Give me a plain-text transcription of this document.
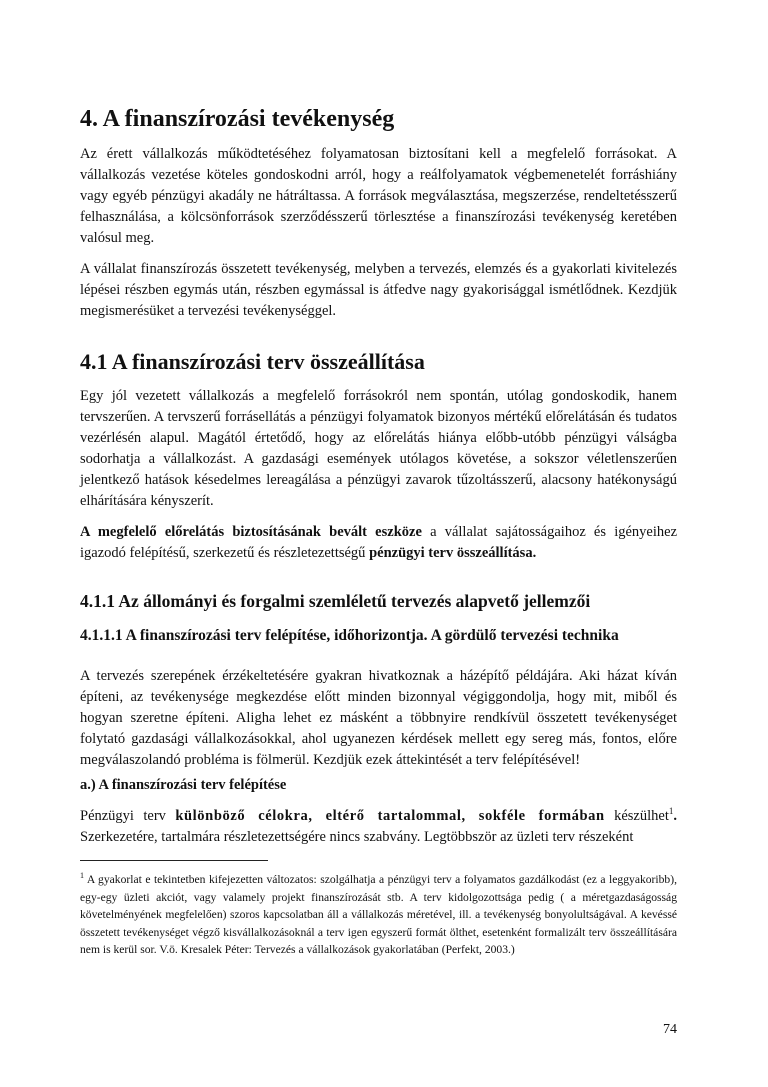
4. A finanszírozási tevékenység

Az érett vállalkozás működtetéséhez folyamatosan biztosítani kell a megfelelő forrásokat. A vállalkozás vezetése köteles gondoskodni arról, hogy a reálfolyamatok végbemenetelét forráshiány vagy egyéb pénzügyi akadály ne hátráltassa. A források megválasztása, megszerzése, rendeltetésszerű felhasználása, a kölcsönforrások szerződésszerű törlesztése a finanszírozási tevékenység keretében valósul meg.

A vállalat finanszírozás összetett tevékenység, melyben a tervezés, elemzés és a gyakorlati kivitelezés lépései részben egymás után, részben egymással is átfedve nagy gyakorisággal ismétlődnek. Kezdjük megismerésüket a tervezési tevékenységgel.

4.1 A finanszírozási terv összeállítása

Egy jól vezetett vállalkozás a megfelelő forrásokról nem spontán, utólag gondoskodik, hanem tervszerűen. A tervszerű forrásellátás a pénzügyi folyamatok bizonyos mértékű előrelátásán és tudatos vezérlésén alapul. Magától értetődő, hogy az előrelátás hiánya előbb-utóbb pénzügyi válságba sodorhatja a vállalkozást. A gazdasági események utólagos követése, a sokszor véletlenszerűen jelentkező hatások késedelmes lereagálása a pénzügyi zavarok tűzoltásszerű, alacsony hatékonyságú elhárítására kényszerít.

A megfelelő előrelátás biztosításának bevált eszköze a vállalat sajátosságaihoz és igényeihez igazodó felépítésű, szerkezetű és részletezettségű pénzügyi terv összeállítása.

4.1.1 Az állományi és forgalmi szemléletű tervezés alapvető jellemzői
4.1.1.1 A finanszírozási terv felépítése, időhorizontja. A gördülő tervezési technika

A tervezés szerepének érzékeltetésére gyakran hivatkoznak a házépítő példájára. Aki házat kíván építeni, az tevékenysége megkezdése előtt minden bizonnyal végiggondolja, hogy mit, miből és hogyan szeretne építeni. Aligha lehet ez másként a többnyire rendkívül összetett tevékenységet folytató gazdasági vállalkozásokkal, ahol ugyanezen kérdések mellett egy sereg más, fontos, előre megválaszolandó probléma is fölmerül. Kezdjük ezek áttekintését a terv felépítésével!

a.) A finanszírozási terv felépítése

Pénzügyi terv különböző célokra, eltérő tartalommal, sokféle formában készülhet$^1$. Szerkezetére, tartalmára részletezettségére nincs szabvány. Legtöbbször az üzleti terv részeként

$^1$ A gyakorlat e tekintetben kifejezetten változatos: szolgálhatja a pénzügyi terv a folyamatos gazdálkodást (ez a leggyakoribb), egy-egy üzleti akciót, vagy valamely projekt finanszírozását stb. A terv kidolgozottsága pedig ( a méretgazdaságosság követelményének megfelelően) szoros kapcsolatban áll a vállalkozás méretével, ill. a tevékenység bonyolultságával. A kevéssé összetett tevékenységet végző kisvállalkozásoknál a terv igen egyszerű formát ölthet, esetenként formalizált terv összeállítására nem is kerül sor. V.ö. Kresalek Péter: Tervezés a vállalkozások gyakorlatában (Perfekt, 2003.)

74
